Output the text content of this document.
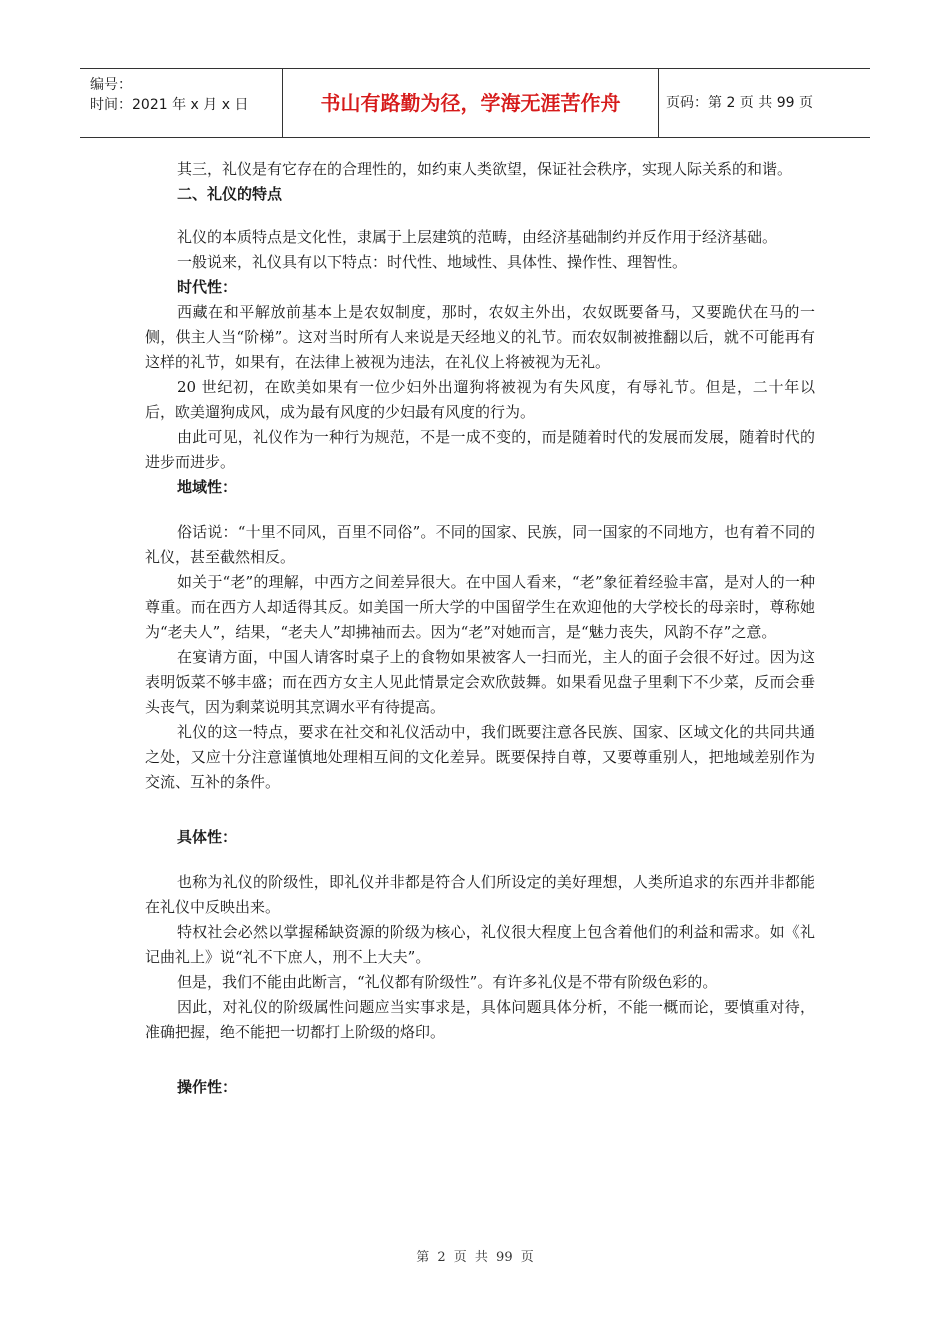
编号：
时间：2021 年 x 月 x 日	书山有路勤为径，学海无涯苦作舟	页码：第 2 页 共 99 页

其三，礼仪是有它存在的合理性的，如约束人类欲望，保证社会秩序，实现人际关系的和谐。

二、礼仪的特点

礼仪的本质特点是文化性，隶属于上层建筑的范畴，由经济基础制约并反作用于经济基础。

一般说来，礼仪具有以下特点：时代性、地域性、具体性、操作性、理智性。

时代性：

西藏在和平解放前基本上是农奴制度，那时，农奴主外出，农奴既要备马，又要跪伏在马的一侧，供主人当“阶梯”。这对当时所有人来说是天经地义的礼节。而农奴制被推翻以后，就不可能再有这样的礼节，如果有，在法律上被视为违法，在礼仪上将被视为无礼。

20 世纪初，在欧美如果有一位少妇外出遛狗将被视为有失风度，有辱礼节。但是，二十年以后，欧美遛狗成风，成为最有风度的少妇最有风度的行为。

由此可见，礼仪作为一种行为规范，不是一成不变的，而是随着时代的发展而发展，随着时代的进步而进步。

地域性：

俗话说：“十里不同风，百里不同俗”。不同的国家、民族，同一国家的不同地方，也有着不同的礼仪，甚至截然相反。

如关于“老”的理解，中西方之间差异很大。在中国人看来，“老”象征着经验丰富，是对人的一种尊重。而在西方人却适得其反。如美国一所大学的中国留学生在欢迎他的大学校长的母亲时，尊称她为“老夫人”，结果，“老夫人”却拂袖而去。因为“老”对她而言，是“魅力丧失，风韵不存”之意。

在宴请方面，中国人请客时桌子上的食物如果被客人一扫而光，主人的面子会很不好过。因为这表明饭菜不够丰盛；而在西方女主人见此情景定会欢欣鼓舞。如果看见盘子里剩下不少菜，反而会垂头丧气，因为剩菜说明其烹调水平有待提高。

礼仪的这一特点，要求在社交和礼仪活动中，我们既要注意各民族、国家、区域文化的共同共通之处，又应十分注意谨慎地处理相互间的文化差异。既要保持自尊，又要尊重别人，把地域差别作为交流、互补的条件。

具体性：

也称为礼仪的阶级性，即礼仪并非都是符合人们所设定的美好理想，人类所追求的东西并非都能在礼仪中反映出来。

特权社会必然以掌握稀缺资源的阶级为核心，礼仪很大程度上包含着他们的利益和需求。如《礼记曲礼上》说“礼不下庶人，刑不上大夫”。

但是，我们不能由此断言，“礼仪都有阶级性”。有许多礼仪是不带有阶级色彩的。

因此，对礼仪的阶级属性问题应当实事求是，具体问题具体分析，不能一概而论，要慎重对待，准确把握，绝不能把一切都打上阶级的烙印。

操作性：

第 2 页 共 99 页
